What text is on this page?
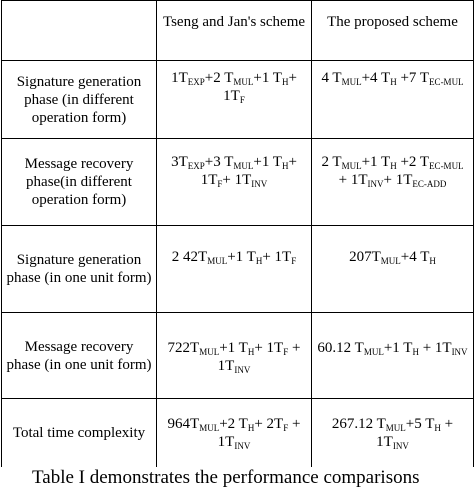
	Tseng and Jan's scheme	The proposed scheme
Signature generation phase (in different operation form)	$1T_{EXP}+2$ $T_{MUL}+1$ $T_H+ 1T_F$	4 $T_{MUL}+4$ $T_H +7$ $T_{EC-MUL}$
Message recovery phase(in different operation form)	$3T_{EXP}+3$ $T_{MUL}+1$ $T_H+ 1T_F+ 1T_{INV}$	2 $T_{MUL}+1$ $T_H +2$ $T_{EC-MUL} + 1T_{INV}+ 1T_{EC-ADD}$
Signature generation phase (in one unit form)	2 $42T_{MUL}+1$ $T_H+ 1T_F$	$207T_{MUL}+4$ $T_H$
Message recovery phase (in one unit form)	$722T_{MUL}+1$ $T_H+ 1T_F + 1T_{INV}$	60.12 $T_{MUL}+1$ $T_H + 1T_{INV}$
Total time complexity	$964T_{MUL}+2$ $T_H+ 2T_F + 1T_{INV}$	267.12 $T_{MUL}+5$ $T_H + 1T_{INV}$
Table I demonstrates the performance comparisons
